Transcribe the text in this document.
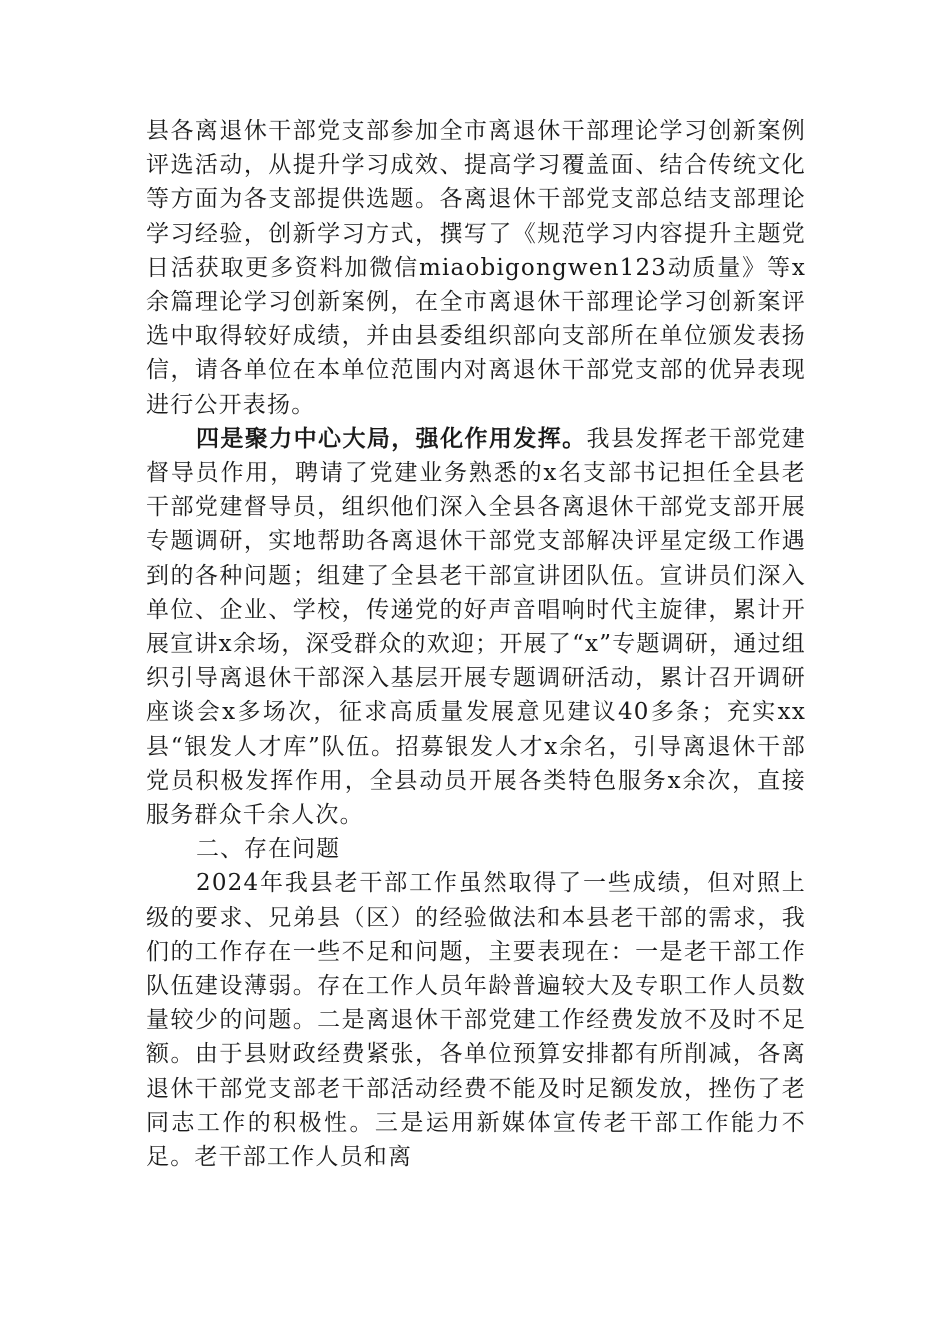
县各离退休干部党支部参加全市离退休干部理论学习创新案例评选活动，从提升学习成效、提高学习覆盖面、结合传统文化等方面为各支部提供选题。各离退休干部党支部总结支部理论学习经验，创新学习方式，撰写了《规范学习内容提升主题党日活获取更多资料加微信miaobigongwen123动质量》等x余篇理论学习创新案例，在全市离退休干部理论学习创新案评选中取得较好成绩，并由县委组织部向支部所在单位颁发表扬信，请各单位在本单位范围内对离退休干部党支部的优异表现进行公开表扬。

四是聚力中心大局，强化作用发挥。我县发挥老干部党建督导员作用，聘请了党建业务熟悉的x名支部书记担任全县老干部党建督导员，组织他们深入全县各离退休干部党支部开展专题调研，实地帮助各离退休干部党支部解决评星定级工作遇到的各种问题；组建了全县老干部宣讲团队伍。宣讲员们深入单位、企业、学校，传递党的好声音唱响时代主旋律，累计开展宣讲x余场，深受群众的欢迎；开展了“x”专题调研，通过组织引导离退休干部深入基层开展专题调研活动，累计召开调研座谈会x多场次，征求高质量发展意见建议40多条；充实xx县“银发人才库”队伍。招募银发人才x余名，引导离退休干部党员积极发挥作用，全县动员开展各类特色服务x余次，直接服务群众千余人次。

二、存在问题

2024年我县老干部工作虽然取得了一些成绩，但对照上级的要求、兄弟县（区）的经验做法和本县老干部的需求，我们的工作存在一些不足和问题，主要表现在：一是老干部工作队伍建设薄弱。存在工作人员年龄普遍较大及专职工作人员数量较少的问题。二是离退休干部党建工作经费发放不及时不足额。由于县财政经费紧张，各单位预算安排都有所削减，各离退休干部党支部老干部活动经费不能及时足额发放，挫伤了老同志工作的积极性。三是运用新媒体宣传老干部工作能力不足。老干部工作人员和离
